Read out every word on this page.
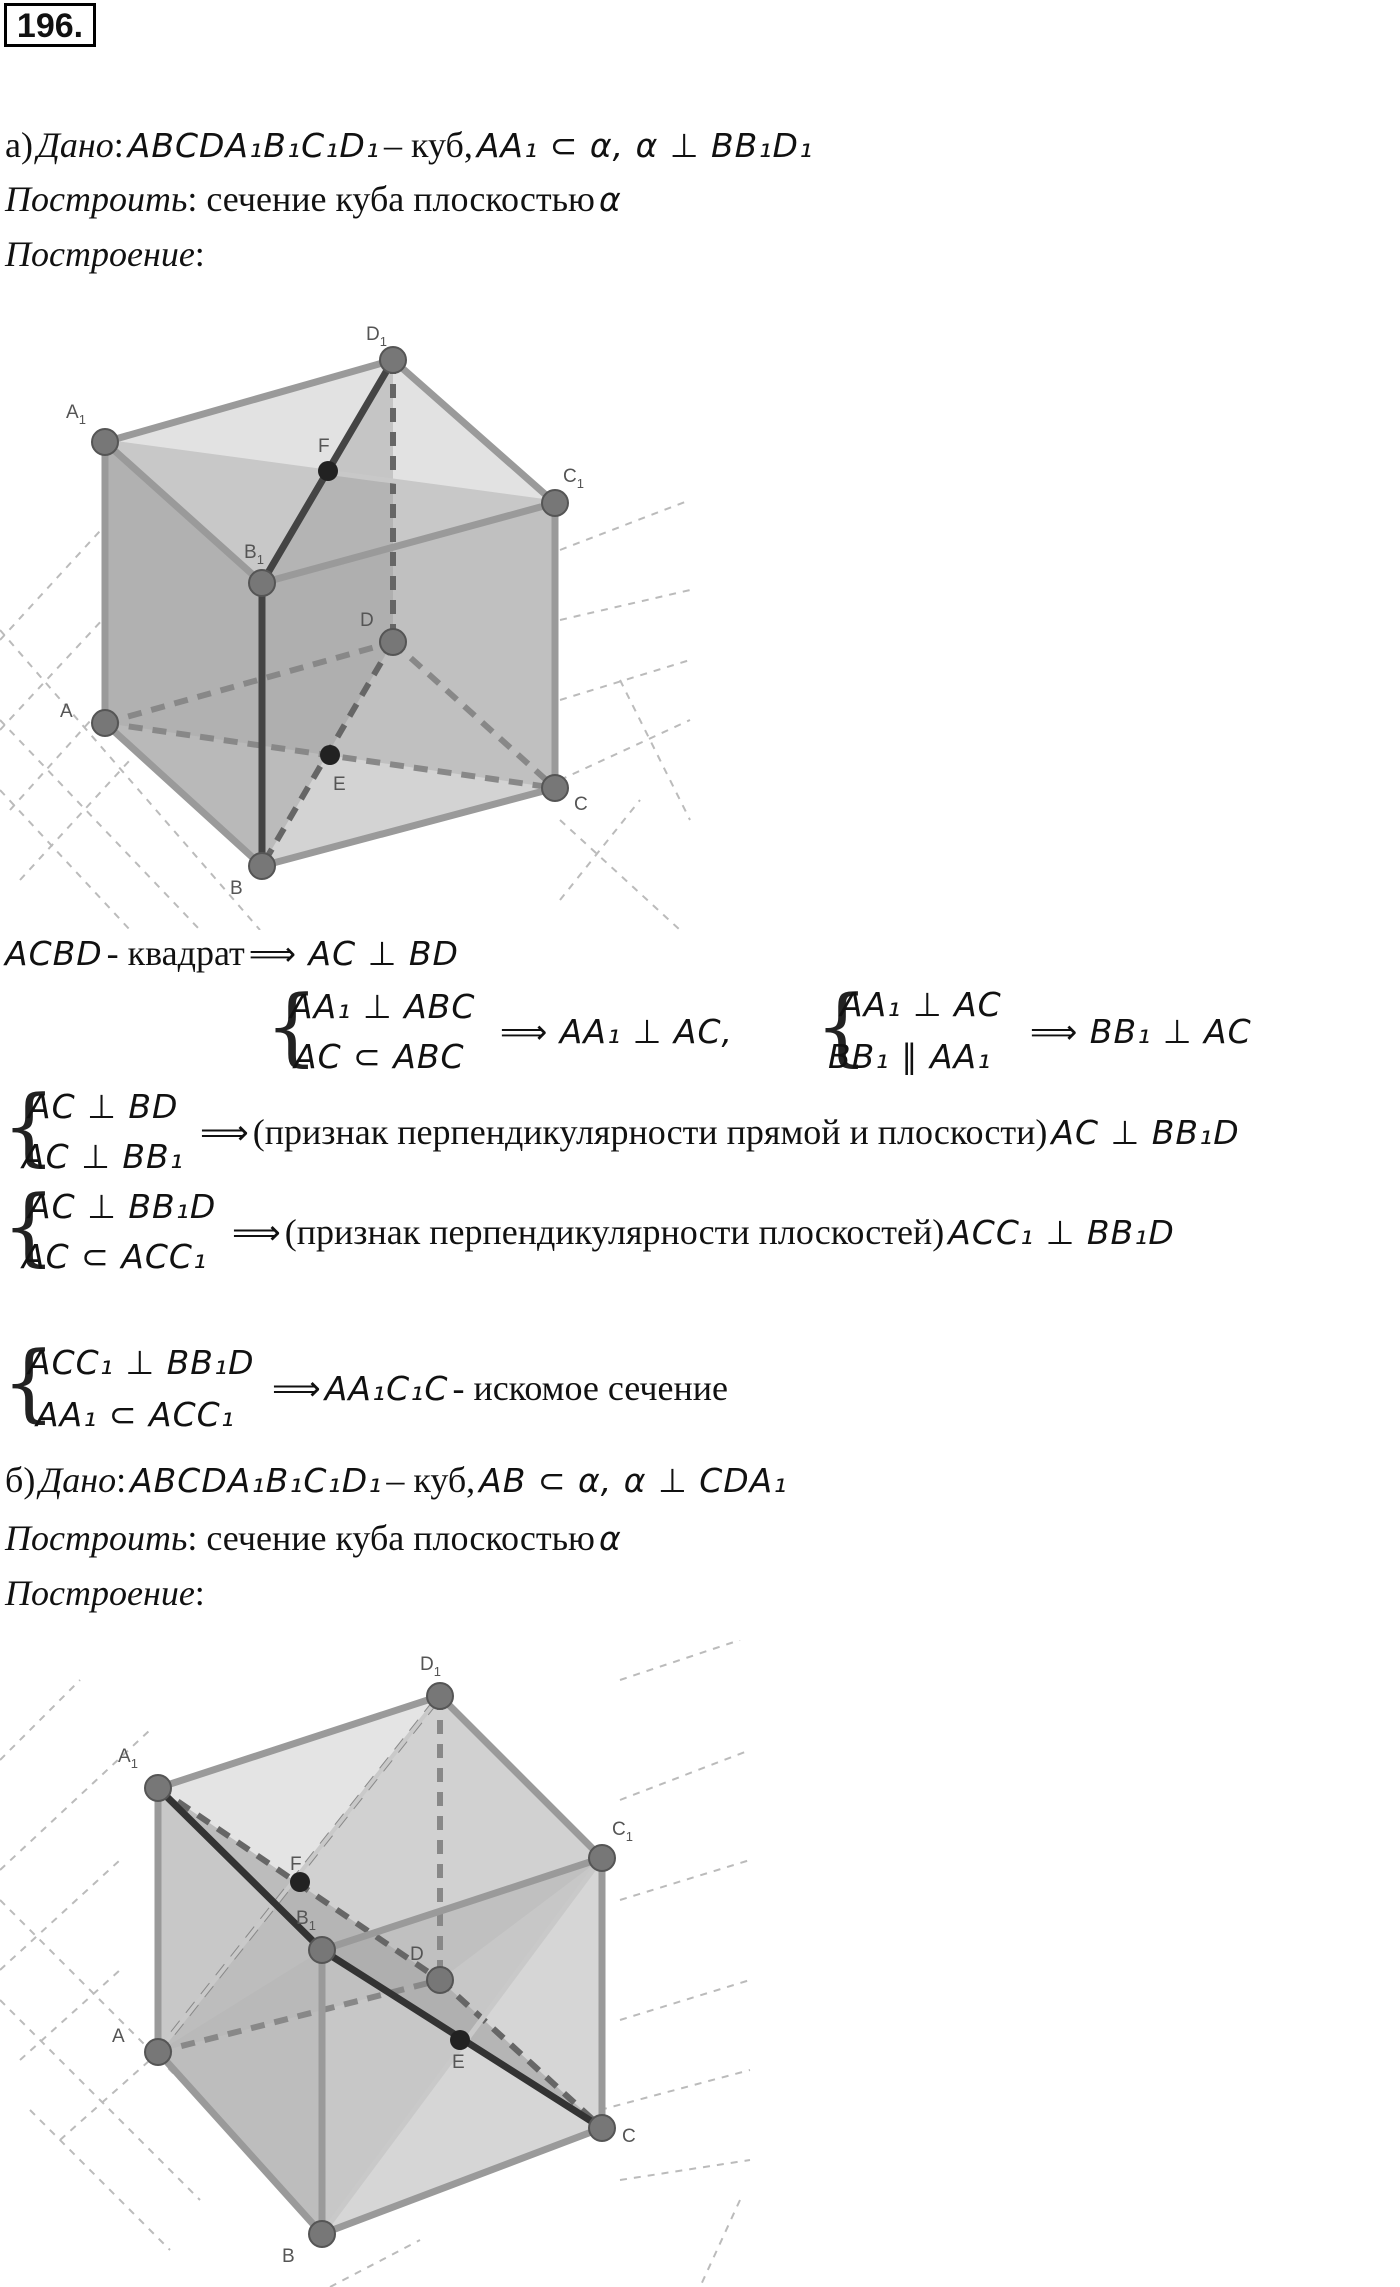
196.
а) Дано: ABCDA₁B₁C₁D₁ – куб, AA₁ ⊂ α, α ⊥ BB₁D₁
Построить: сечение куба плоскостью α
Построение:
$A_1$
$D_1$
F
$C_1$
$B_1$
D
A
E
C
B
ACBD - квадрат ⟹ AC ⊥ BD
{
AA₁ ⊥ ABC
AC ⊂ ABC
⟹ AA₁ ⊥ AC, {
AA₁ ⊥ AC
BB₁ ∥ AA₁
⟹ BB₁ ⊥ AC
{
AC ⊥ BD
AC ⊥ BB₁
⟹ (признак перпендикулярности прямой и плоскости) AC ⊥ BB₁D
{
AC ⊥ BB₁D
AC ⊂ ACC₁
⟹ (признак перпендикулярности плоскостей) ACC₁ ⊥ BB₁D
{
ACC₁ ⊥ BB₁D
AA₁ ⊂ ACC₁
⟹ AA₁C₁C - искомое сечение
б) Дано: ABCDA₁B₁C₁D₁ – куб, AB ⊂ α, α ⊥ CDA₁
Построить: сечение куба плоскостью α
Построение:
$D_1$
$A_1$
$C_1$
F
$B_1$
D
A
E
C
B
